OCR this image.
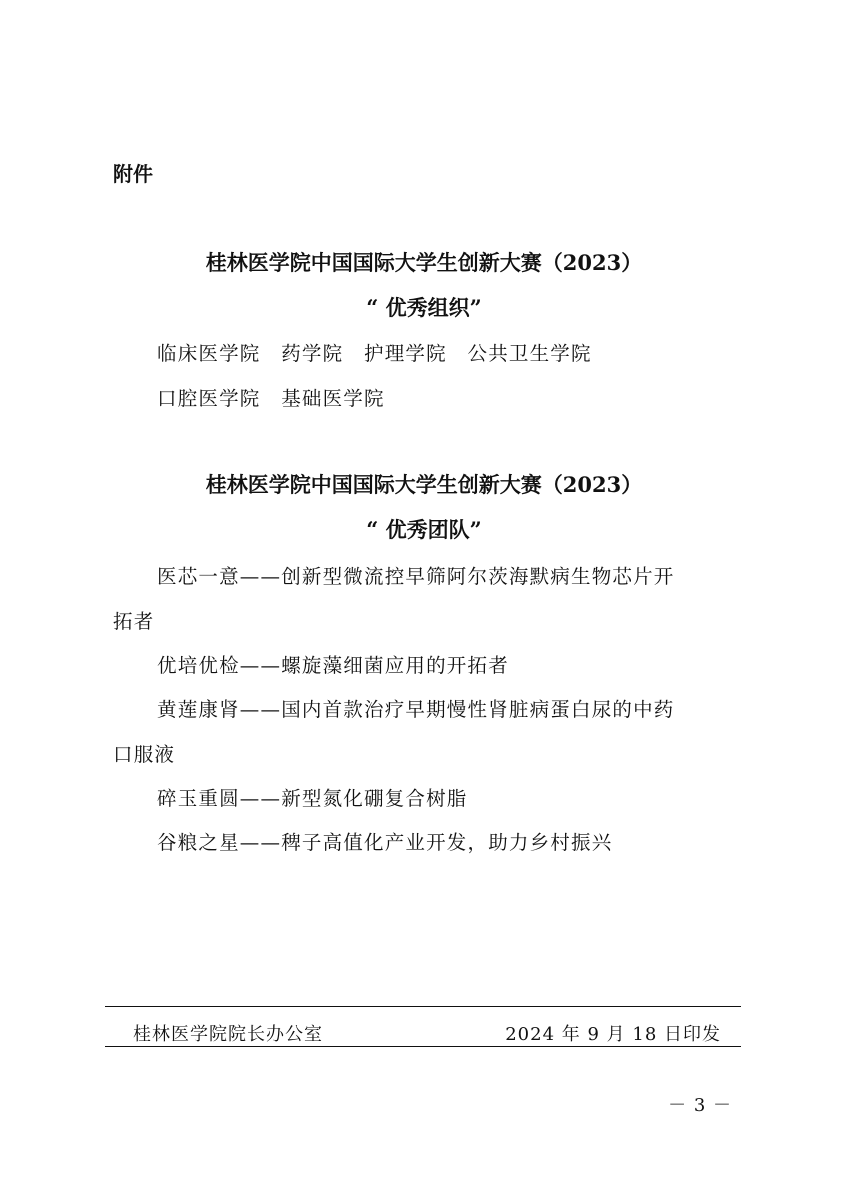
附件
桂林医学院中国国际大学生创新大赛（2023）
“ 优秀组织”
临床医学院　药学院　护理学院　公共卫生学院
口腔医学院　基础医学院
桂林医学院中国国际大学生创新大赛（2023）
“ 优秀团队”
医芯一意——创新型微流控早筛阿尔茨海默病生物芯片开
拓者
优培优检——螺旋藻细菌应用的开拓者
黄莲康肾——国内首款治疗早期慢性肾脏病蛋白尿的中药
口服液
碎玉重圆——新型氮化硼复合树脂
谷粮之星——稗子高值化产业开发，助力乡村振兴
桂林医学院院长办公室	2024 年 9 月 18 日印发
－ 3 －
